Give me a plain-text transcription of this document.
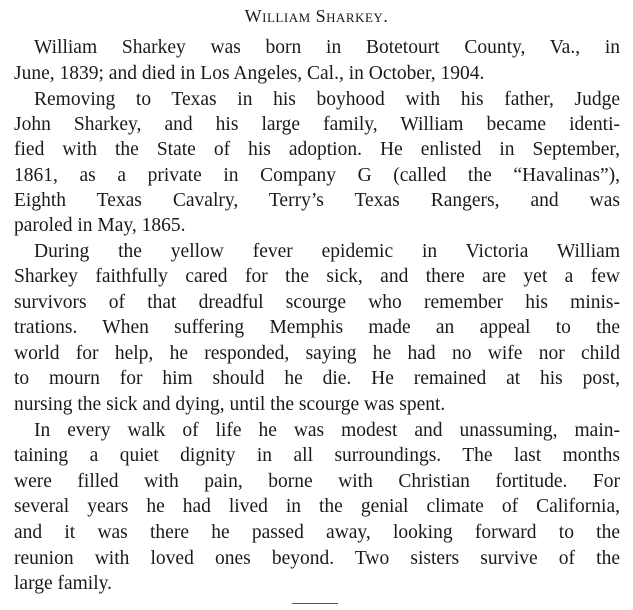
William Sharkey.
William Sharkey was born in Botetourt County, Va., in
June, 1839; and died in Los Angeles, Cal., in October, 1904.
Removing to Texas in his boyhood with his father, Judge
John Sharkey, and his large family, William became identi-
fied with the State of his adoption. He enlisted in September,
1861, as a private in Company G (called the “Havalinas”),
Eighth Texas Cavalry, Terry’s Texas Rangers, and was
paroled in May, 1865.
During the yellow fever epidemic in Victoria William
Sharkey faithfully cared for the sick, and there are yet a few
survivors of that dreadful scourge who remember his minis-
trations. When suffering Memphis made an appeal to the
world for help, he responded, saying he had no wife nor child
to mourn for him should he die. He remained at his post,
nursing the sick and dying, until the scourge was spent.
In every walk of life he was modest and unassuming, main-
taining a quiet dignity in all surroundings. The last months
were filled with pain, borne with Christian fortitude. For
several years he had lived in the genial climate of California,
and it was there he passed away, looking forward to the
reunion with loved ones beyond. Two sisters survive of the
large family.
